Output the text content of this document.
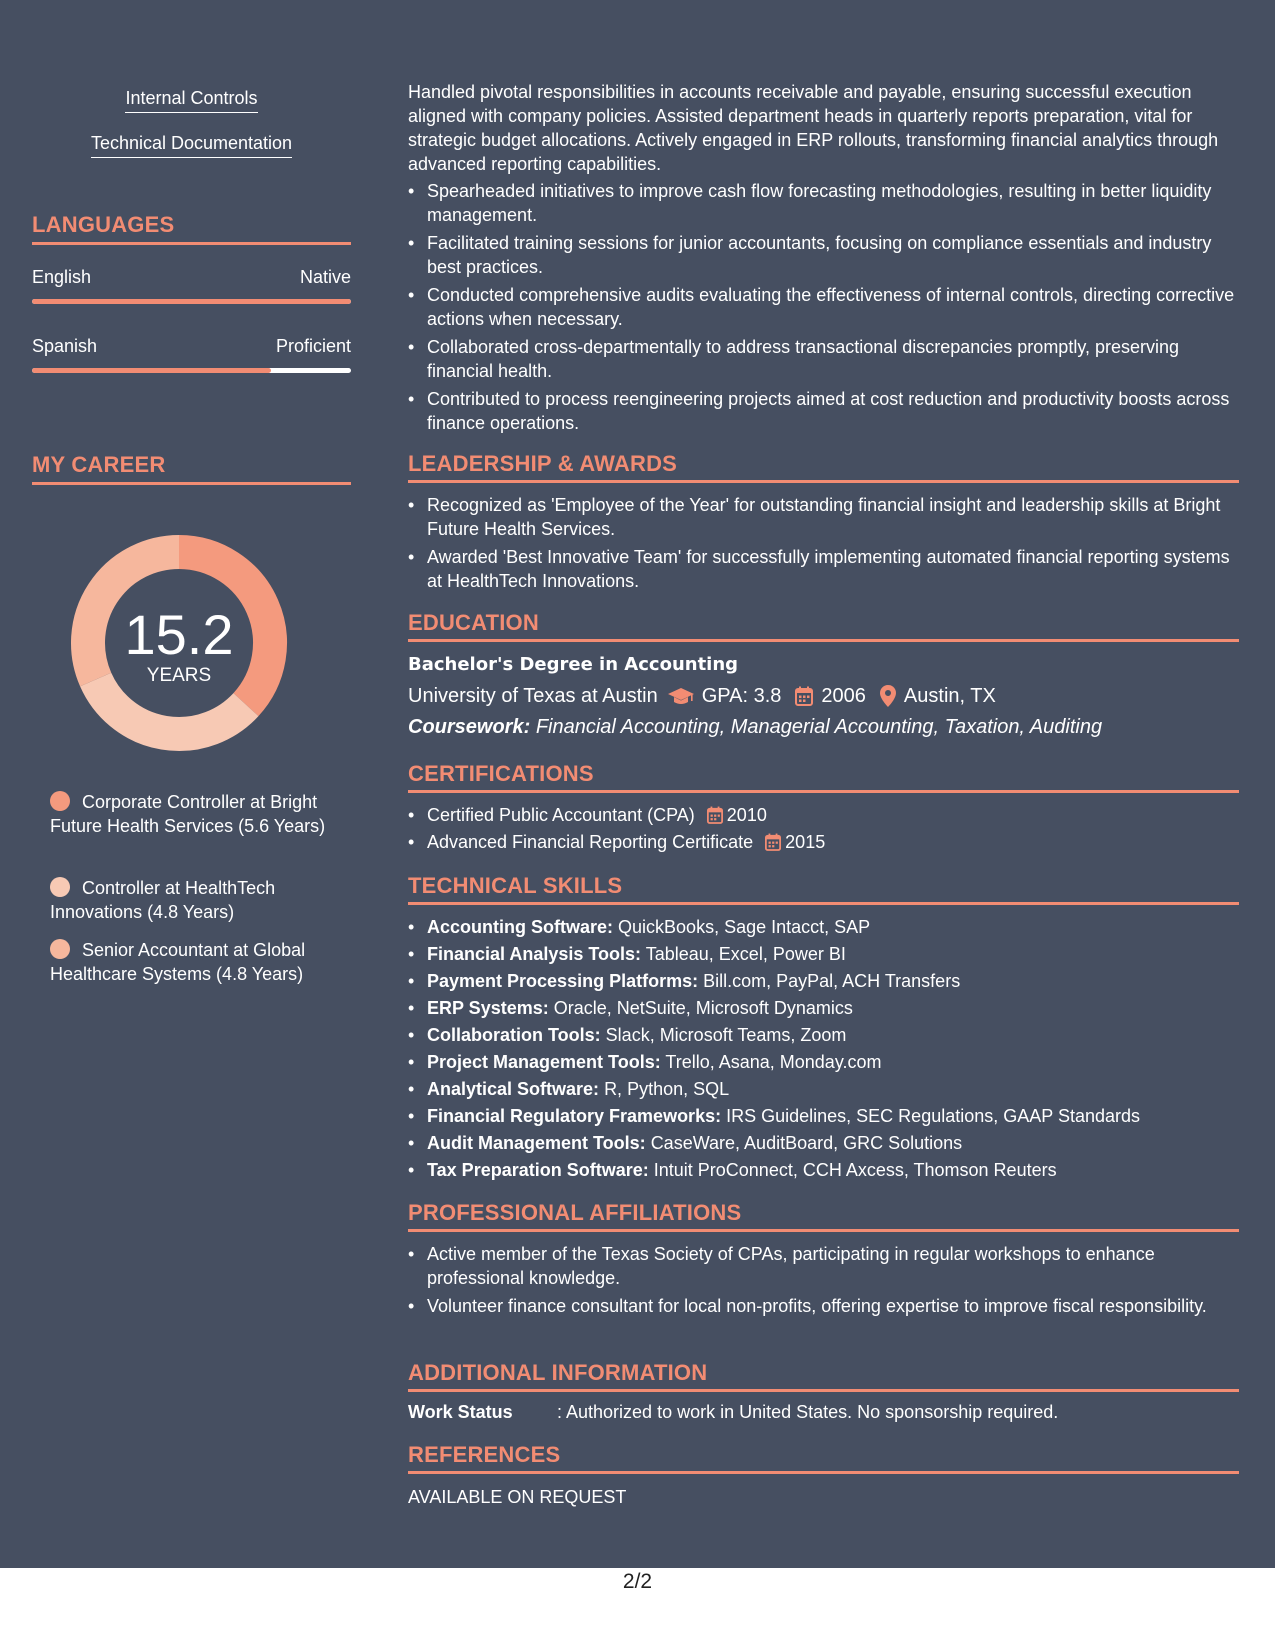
Internal Controls
Technical Documentation
LANGUAGES
English	Native
Spanish	Proficient
MY CAREER
15.2
YEARS
Corporate Controller at Bright Future Health Services (5.6 Years)
Controller at HealthTech Innovations (4.8 Years)
Senior Accountant at Global Healthcare Systems (4.8 Years)

Handled pivotal responsibilities in accounts receivable and payable, ensuring successful execution aligned with company policies. Assisted department heads in quarterly reports preparation, vital for strategic budget allocations. Actively engaged in ERP rollouts, transforming financial analytics through advanced reporting capabilities.

• Spearheaded initiatives to improve cash flow forecasting methodologies, resulting in better liquidity management.
• Facilitated training sessions for junior accountants, focusing on compliance essentials and industry best practices.
• Conducted comprehensive audits evaluating the effectiveness of internal controls, directing corrective actions when necessary.
• Collaborated cross-departmentally to address transactional discrepancies promptly, preserving financial health.
• Contributed to process reengineering projects aimed at cost reduction and productivity boosts across finance operations.
LEADERSHIP & AWARDS
• Recognized as 'Employee of the Year' for outstanding financial insight and leadership skills at Bright Future Health Services.
• Awarded 'Best Innovative Team' for successfully implementing automated financial reporting systems at HealthTech Innovations.
EDUCATION
Bachelor's Degree in Accounting
University of Texas at Austin GPA: 3.8 2006 Austin, TX
Coursework: Financial Accounting, Managerial Accounting, Taxation, Auditing
CERTIFICATIONS
• Certified Public Accountant (CPA) 2010
• Advanced Financial Reporting Certificate 2015
TECHNICAL SKILLS
• Accounting Software: QuickBooks, Sage Intacct, SAP
• Financial Analysis Tools: Tableau, Excel, Power BI
• Payment Processing Platforms: Bill.com, PayPal, ACH Transfers
• ERP Systems: Oracle, NetSuite, Microsoft Dynamics
• Collaboration Tools: Slack, Microsoft Teams, Zoom
• Project Management Tools: Trello, Asana, Monday.com
• Analytical Software: R, Python, SQL
• Financial Regulatory Frameworks: IRS Guidelines, SEC Regulations, GAAP Standards
• Audit Management Tools: CaseWare, AuditBoard, GRC Solutions
• Tax Preparation Software: Intuit ProConnect, CCH Axcess, Thomson Reuters
PROFESSIONAL AFFILIATIONS
• Active member of the Texas Society of CPAs, participating in regular workshops to enhance professional knowledge.
• Volunteer finance consultant for local non-profits, offering expertise to improve fiscal responsibility.
ADDITIONAL INFORMATION
Work Status : Authorized to work in United States. No sponsorship required.
REFERENCES
AVAILABLE ON REQUEST
2/2
